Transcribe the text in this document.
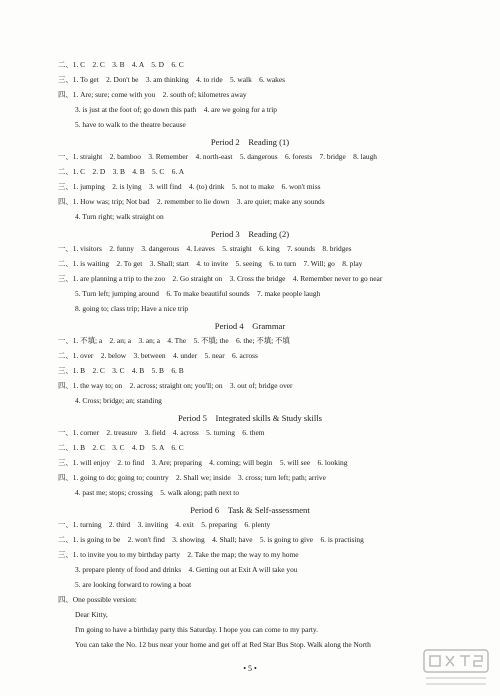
二、1. C　2. C　3. B　4. A　5. D　6. C
三、1. To get　2. Don't be　3. am thinking　4. to ride　5. walk　6. wakes
四、1. Are; sure; come with you　2. south of; kilometres away
3. is just at the foot of; go down this path　4. are we going for a trip
5. have to walk to the theatre because
Period 2　Reading (1)
一、1. straight　2. bamboo　3. Remember　4. north-east　5. dangerous　6. forests　7. bridge　8. laugh
二、1. C　2. D　3. B　4. B　5. C　6. A
三、1. jumping　2. is lying　3. will find　4. (to) drink　5. not to make　6. won't miss
四、1. How was; trip; Not bad　2. remember to lie down　3. are quiet; make any sounds
4. Turn right; walk straight on
Period 3　Reading (2)
一、1. visitors　2. funny　3. dangerous　4. Leaves　5. straight　6. king　7. sounds　8. bridges
二、1. is waiting　2. To get　3. Shall; start　4. to invite　5. seeing　6. to turn　7. Will; go　8. play
三、1. are planning a trip to the zoo　2. Go straight on　3. Cross the bridge　4. Remember never to go near
5. Turn left; jumping around　6. To make beautiful sounds　7. make people laugh
8. going to; class trip; Have a nice trip
Period 4　Grammar
一、1. 不填; a　2. an; a　3. an; a　4. The　5. 不填; the　6. the; 不填; 不填
二、1. over　2. below　3. between　4. under　5. near　6. across
三、1. B　2. C　3. C　4. B　5. B　6. B
四、1. the way to; on　2. across; straight on; you'll; on　3. out of; bridge over
4. Cross; bridge; an; standing
Period 5　Integrated skills & Study skills
一、1. corner　2. treasure　3. field　4. across　5. turning　6. them
二、1. B　2. C　3. C　4. D　5. A　6. C
三、1. will enjoy　2. to find　3. Are; preparing　4. coming; will begin　5. will see　6. looking
四、1. going to do; going to; country　2. Shall we; inside　3. cross; turn left; path; arrive
4. past me; stops; crossing　5. walk along; path next to
Period 6　Task & Self-assessment
一、1. turning　2. third　3. inviting　4. exit　5. preparing　6. plenty
二、1. is going to be　2. won't find　3. showing　4. Shall; have　5. is going to give　6. is practising
三、1. to invite you to my birthday party　2. Take the map; the way to my home
3. prepare plenty of food and drinks　4. Getting out at Exit A will take you
5. are looking forward to rowing a boat
四、One possible version:
Dear Kitty,
I'm going to have a birthday party this Saturday. I hope you can come to my party.
You can take the No. 12 bus near your home and get off at Red Star Bus Stop. Walk along the North
• 5 •
